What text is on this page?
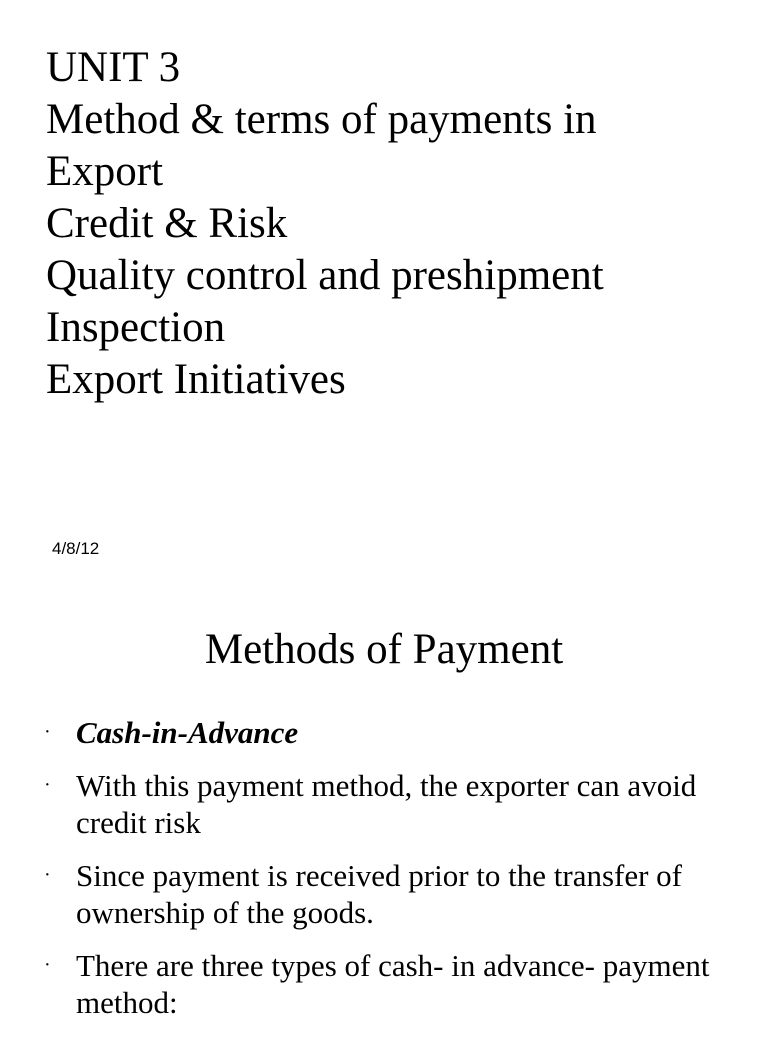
UNIT 3
Method & terms of payments in
Export
Credit & Risk
Quality control and preshipment
Inspection
Export Initiatives
4/8/12
Methods of Payment
· Cash-in-Advance
· With this payment method, the exporter can avoid credit risk
· Since payment is received prior to the transfer of ownership of the goods.
· There are three types of cash- in advance- payment method:
